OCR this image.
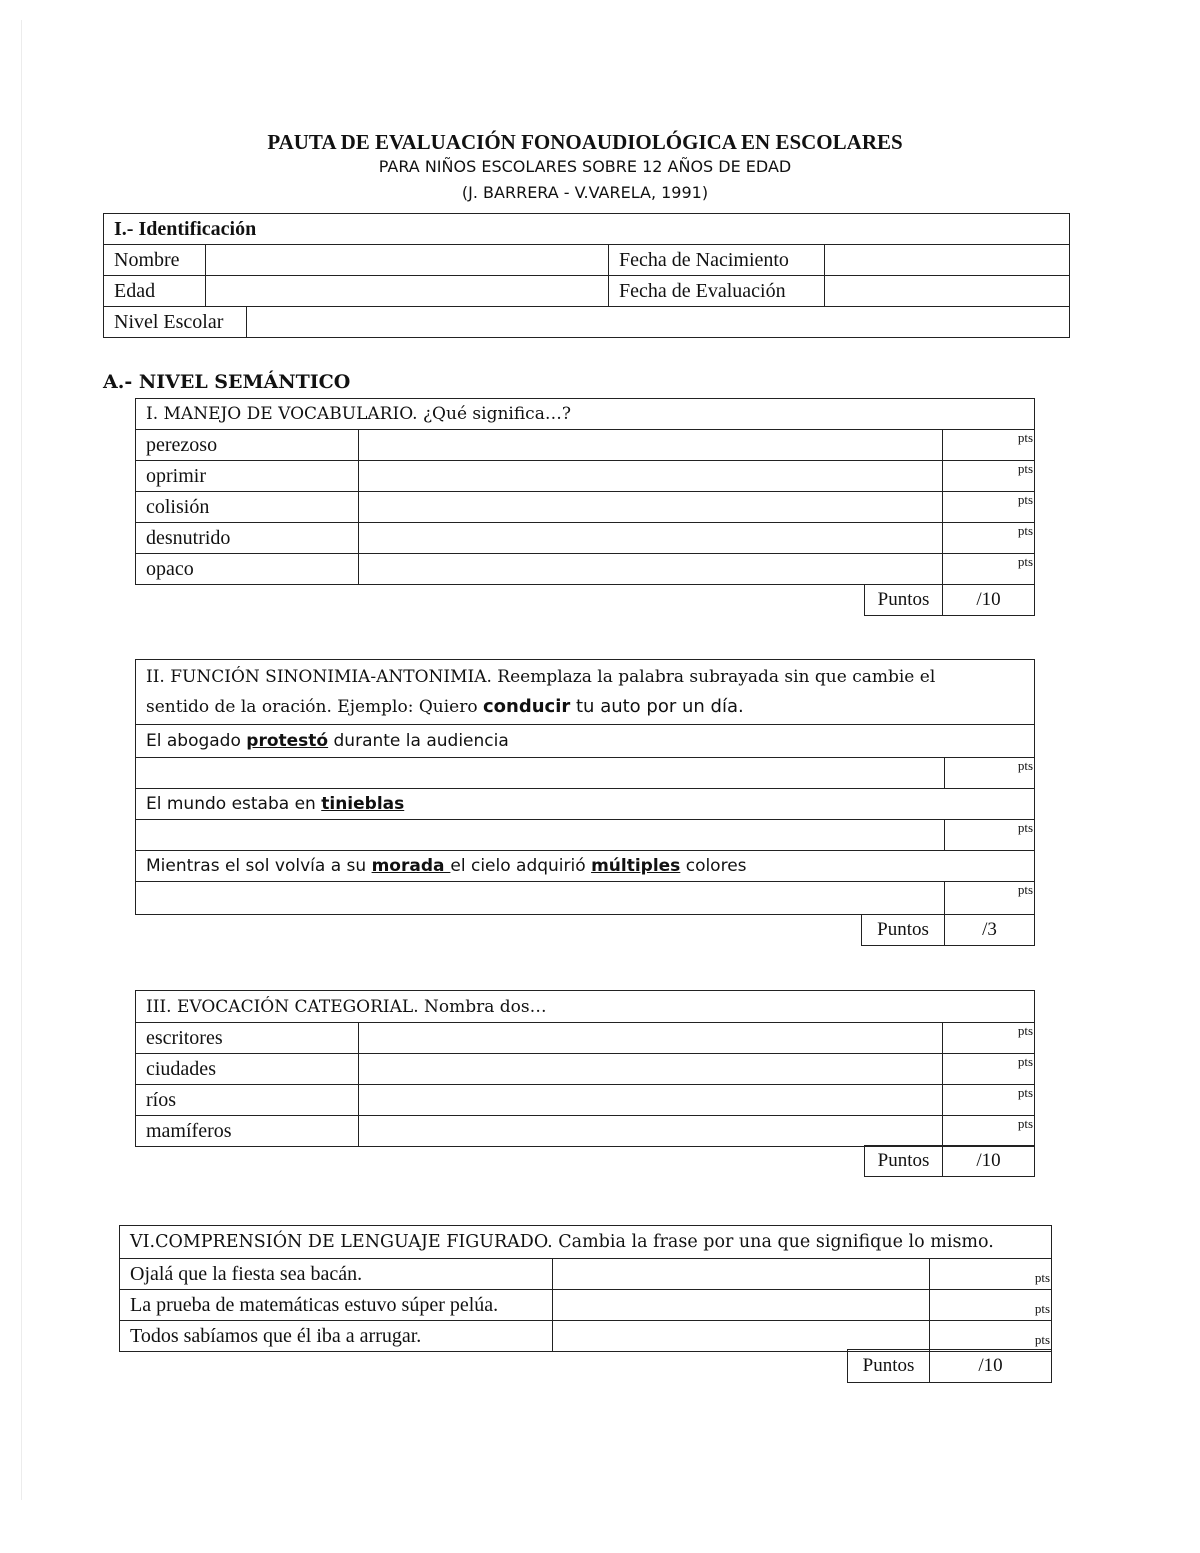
PAUTA DE EVALUACIÓN FONOAUDIOLÓGICA EN ESCOLARES
PARA NIÑOS ESCOLARES SOBRE 12 AÑOS DE EDAD
(J. BARRERA - V.VARELA, 1991)
I.- Identificación				
Nombre			Fecha de Nacimiento	
Edad			Fecha de Evaluación	
Nivel Escolar				
A.- NIVEL SEMÁNTICO
I. MANEJO DE VOCABULARIO. ¿Qué significa…?		
perezoso		pts
oprimir		pts
colisión		pts
desnutrido		pts
opaco		pts
Puntos	/10
II. FUNCIÓN SINONIMIA-ANTONIMIA. Reemplaza la palabra subrayada sin que cambie el
sentido de la oración. Ejemplo: Quiero conducir tu auto por un día.	
El abogado protestó durante la audiencia	
	pts
El mundo estaba en tinieblas	
	pts
Mientras el sol volvía a su morada el cielo adquirió múltiples colores	
	pts
Puntos	/3
III. EVOCACIÓN CATEGORIAL. Nombra dos…		
escritores		pts
ciudades		pts
ríos		pts
mamíferos		pts
Puntos	/10
VI.COMPRENSIÓN DE LENGUAJE FIGURADO. Cambia la frase por una que signifique lo mismo.		
Ojalá que la fiesta sea bacán.		pts
La prueba de matemáticas estuvo súper pelúa.		pts
Todos sabíamos que él iba a arrugar.		pts
Puntos	/10
